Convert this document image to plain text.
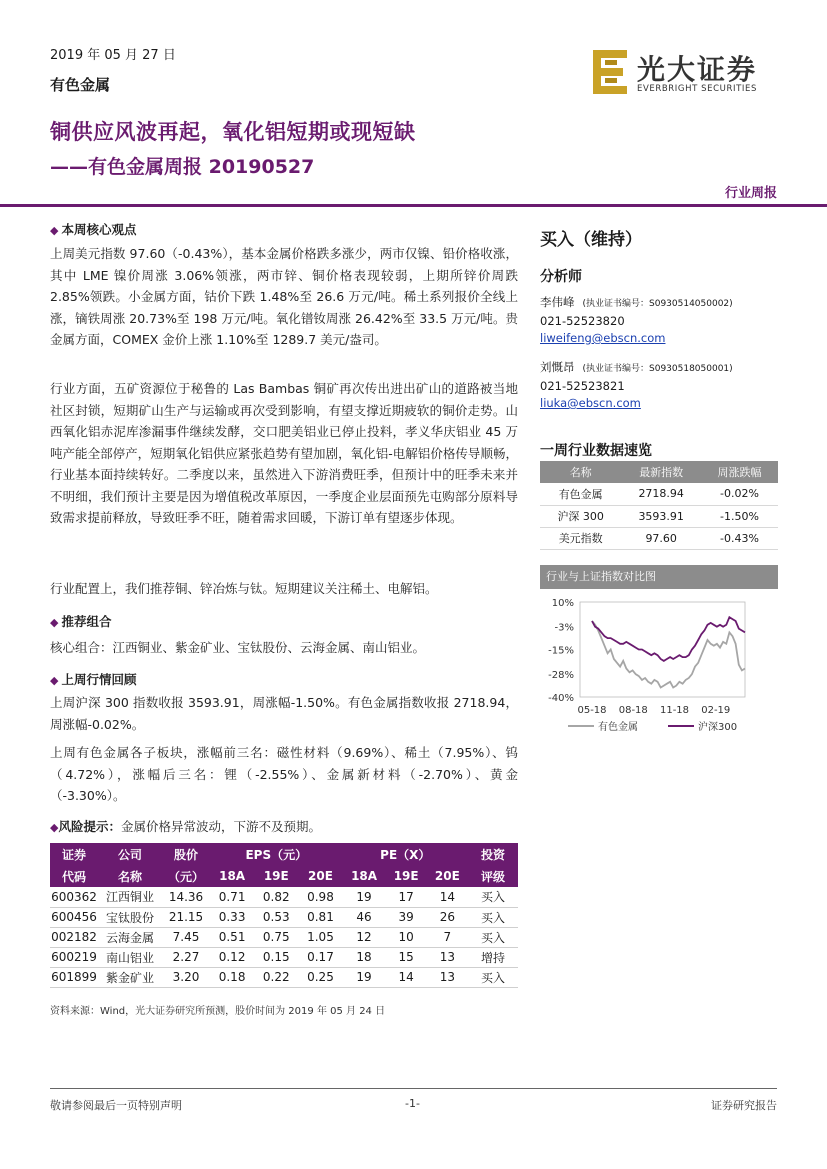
2019 年 05 月 27 日
有色金属	光大证券
EVERBRIGHT SECURITIES
铜供应风波再起，氧化铝短期或现短缺
——有色金属周报 20190527
行业周报
◆ 本周核心观点
上周美元指数 97.60（-0.43%），基本金属价格跌多涨少，两市仅镍、铅价格收涨，其中 LME 镍价周涨 3.06%领涨，两市锌、铜价格表现较弱，上期所锌价周跌 2.85%领跌。小金属方面，钴价下跌 1.48%至 26.6 万元/吨。稀土系列报价全线上涨，镝铁周涨 20.73%至 198 万元/吨。氧化镨钕周涨 26.42%至 33.5 万元/吨。贵金属方面，COMEX 金价上涨 1.10%至 1289.7 美元/盎司。
行业方面，五矿资源位于秘鲁的 Las Bambas 铜矿再次传出进出矿山的道路被当地社区封锁，短期矿山生产与运输或再次受到影响，有望支撑近期疲软的铜价走势。山西氧化铝赤泥库渗漏事件继续发酵，交口肥美铝业已停止投料，孝义华庆铝业 45 万吨产能全部停产，短期氧化铝供应紧张趋势有望加剧，氧化铝-电解铝价格传导顺畅，行业基本面持续转好。二季度以来，虽然进入下游消费旺季，但预计中的旺季未来并不明细，我们预计主要是因为增值税改革原因，一季度企业层面预先屯购部分原料导致需求提前释放，导致旺季不旺，随着需求回暖，下游订单有望逐步体现。
行业配置上，我们推荐铜、锌冶炼与钛。短期建议关注稀土、电解铝。
◆ 推荐组合
核心组合：江西铜业、紫金矿业、宝钛股份、云海金属、南山铝业。
◆ 上周行情回顾
上周沪深 300 指数收报 3593.91，周涨幅-1.50%。有色金属指数收报 2718.94，周涨幅-0.02%。
上周有色金属各子板块，涨幅前三名：磁性材料（9.69%）、稀土（7.95%）、钨（4.72%），涨幅后三名：锂（-2.55%）、金属新材料（-2.70%）、黄金（-3.30%）。
◆风险提示：金属价格异常波动，下游不及预期。
证券	公司	股价	EPS（元）			PE（X）			投资
代码	名称	（元）	18A	19E	20E	18A	19E	20E	评级
600362	江西铜业	14.36	0.71	0.82	0.98	19	17	14	买入
600456	宝钛股份	21.15	0.33	0.53	0.81	46	39	26	买入
002182	云海金属	7.45	0.51	0.75	1.05	12	10	7	买入
600219	南山铝业	2.27	0.12	0.15	0.17	18	15	13	增持
601899	紫金矿业	3.20	0.18	0.22	0.25	19	14	13	买入
资料来源：Wind，光大证券研究所预测，股价时间为 2019 年 05 月 24 日
买入（维持）
分析师
李伟峰 (执业证书编号：S0930514050002)
021-52523820
liweifeng@ebscn.com
刘慨昂 (执业证书编号：S0930518050001)
021-52523821
liuka@ebscn.com
一周行业数据速览
名称	最新指数	周涨跌幅
有色金属	2718.94	-0.02%
沪深 300	3593.91	-1.50%
美元指数	97.60	-0.43%
行业与上证指数对比图
10%
-3%
-15%
-28%
-40%
05-18 08-18 11-18 02-19
有色金属	沪深300
敬请参阅最后一页特别声明	-1-	证券研究报告
